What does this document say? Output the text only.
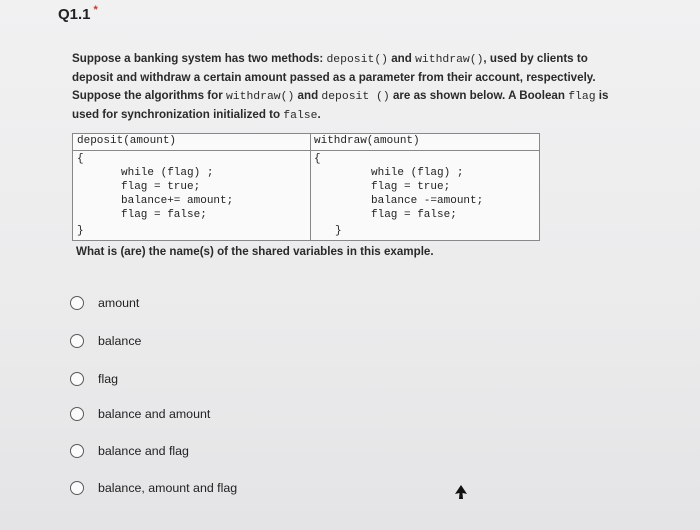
Q1.1 *
Suppose a banking system has two methods: deposit() and withdraw(), used by clients to deposit and withdraw a certain amount passed as a parameter from their account, respectively. Suppose the algorithms for withdraw() and deposit () are as shown below. A Boolean flag is used for synchronization initialized to false.
deposit(amount)	withdraw(amount)
{
while (flag) ;
flag = true;
balance+= amount;
flag = false;
}
{
while (flag) ;
flag = true;
balance -=amount;
flag = false;
}
What is (are) the name(s) of the shared variables in this example.
amount
balance
flag
balance and amount
balance and flag
balance, amount and flag
